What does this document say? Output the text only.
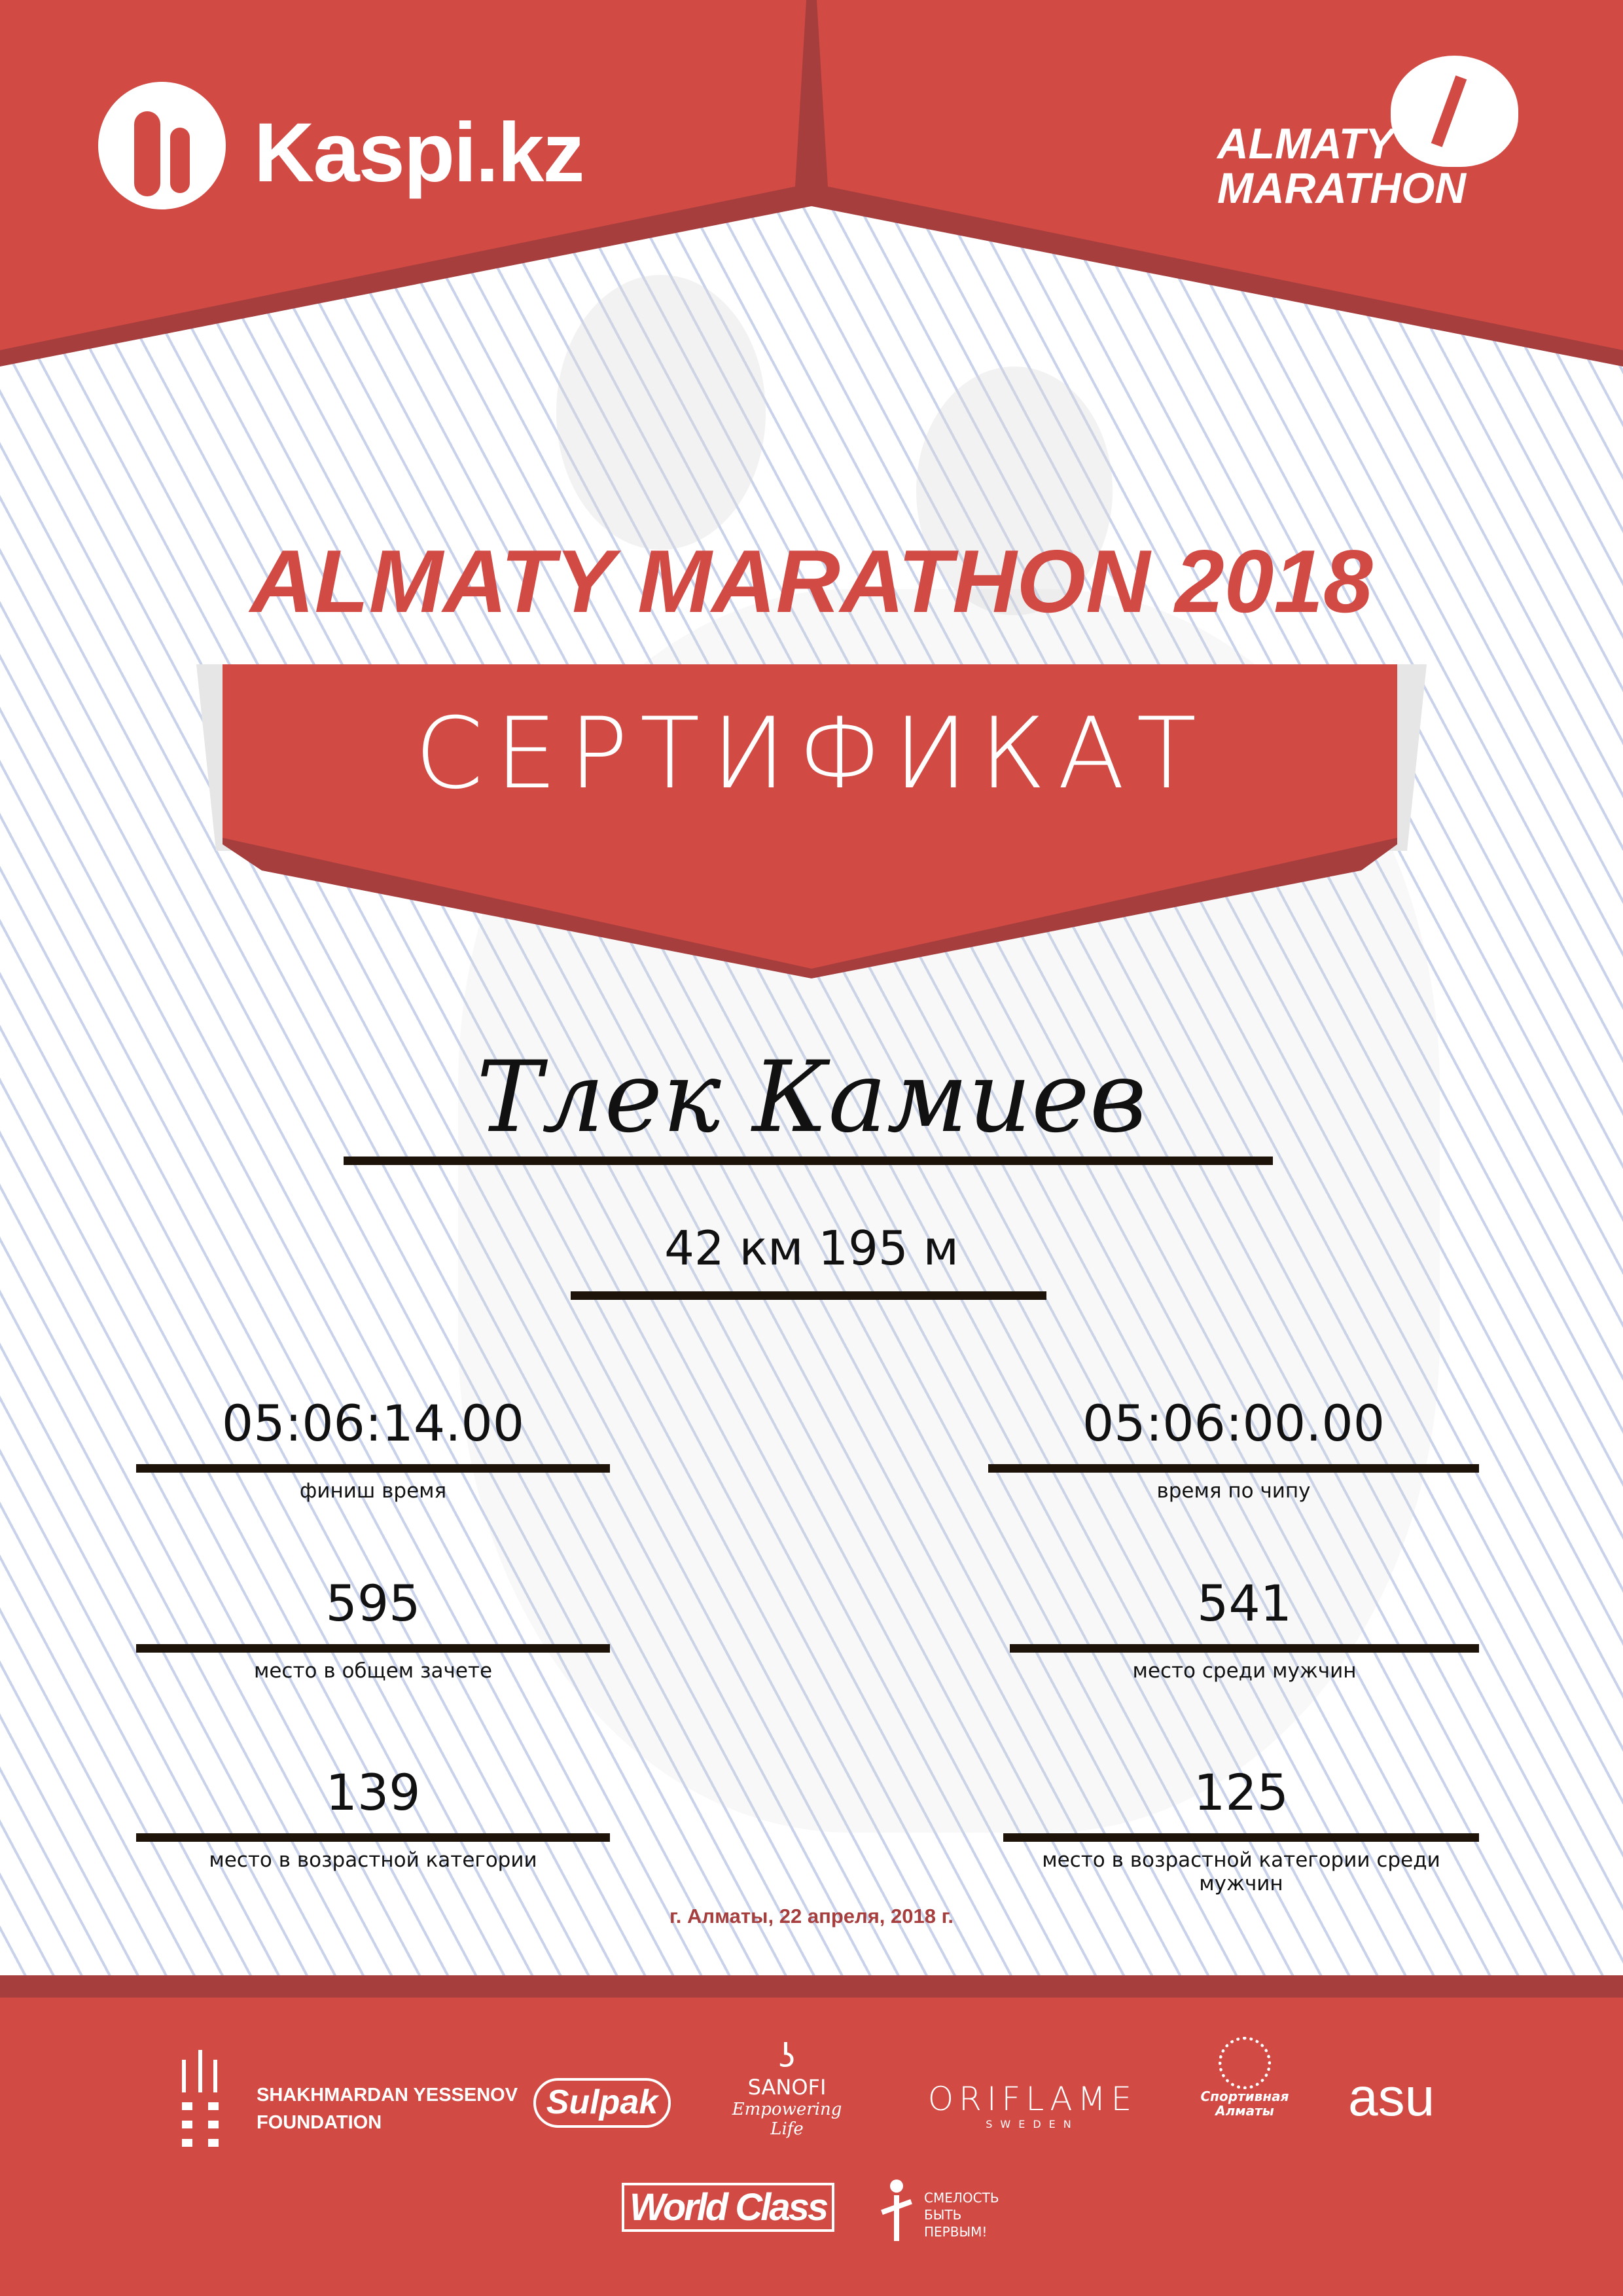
Kaspi.kz	ALMATY
MARATHON
ALMATY MARATHON 2018
СЕРТИФИКАТ
Тлек Камиев
42 км 195 м
05:06:14.00
финиш время
595
место в общем зачете
139
место в возрастной категории
05:06:00.00
время по чипу
541
место среди мужчин
125
место в возрастной категории среди мужчин
г. Алматы, 22 апреля, 2018 г.
SHAKHMARDAN YESSENOV
FOUNDATION
Sulpak
ʖ
SANOFI
Empowering Life
ORIFLAME
SWEDEN
Спортивная
Алматы	asu
World Class	СМЕЛОСТЬ
БЫТЬ
ПЕРВЫМ!
